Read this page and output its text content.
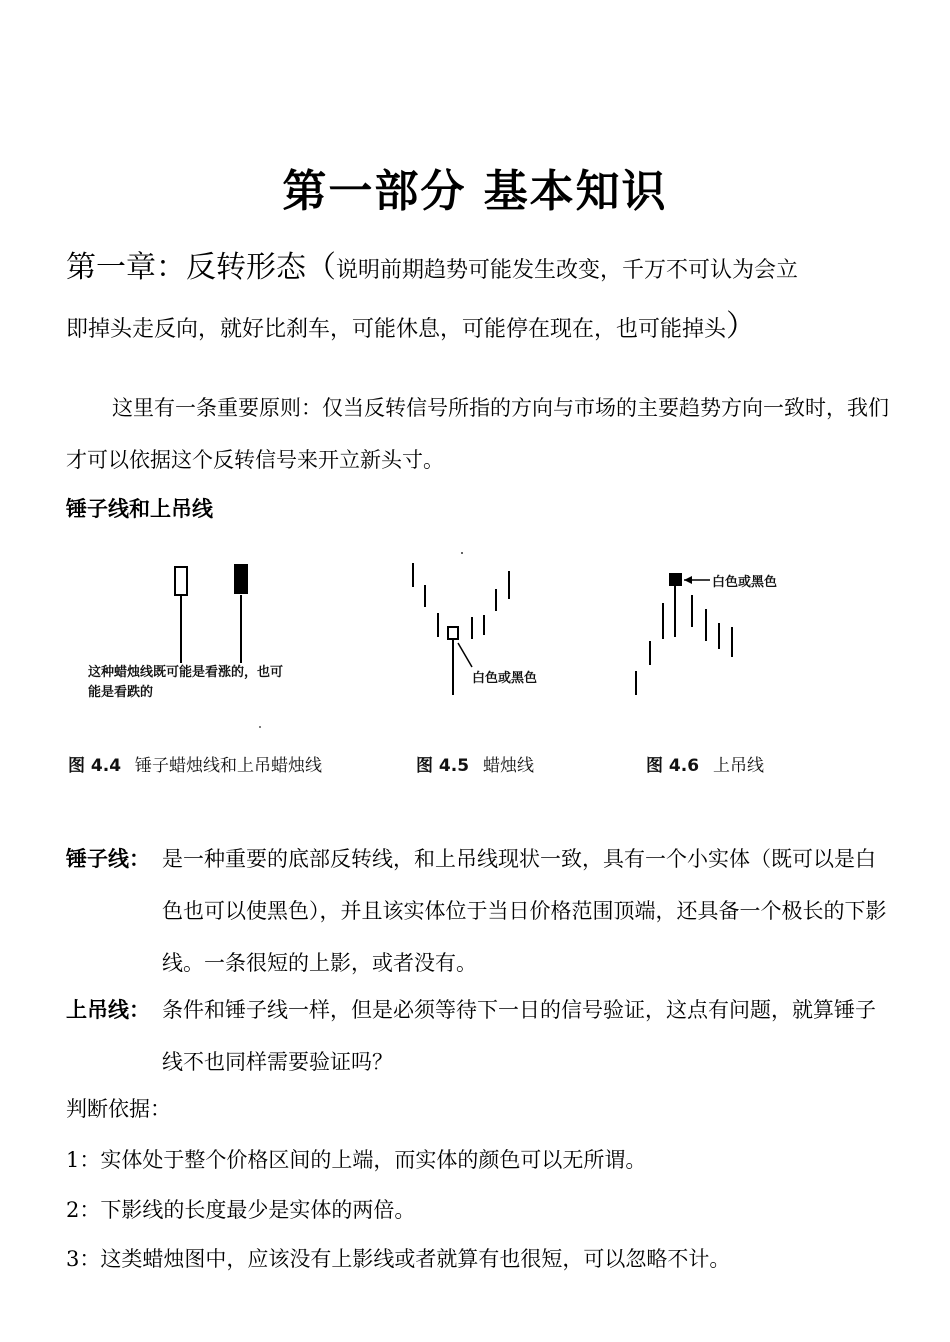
第一部分 基本知识
第一章：反转形态（说明前期趋势可能发生改变，千万不可认为会立
即掉头走反向，就好比刹车，可能休息，可能停在现在，也可能掉头）
这里有一条重要原则：仅当反转信号所指的方向与市场的主要趋势方向一致时，我们才可以依据这个反转信号来开立新头寸。
锤子线和上吊线
这种蜡烛线既可能是看涨的，也可
能是看跌的
白色或黑色
白色或黑色
图 4.4 锤子蜡烛线和上吊蜡烛线	图 4.5 蜡烛线	图 4.6 上吊线
锤子线： 是一种重要的底部反转线，和上吊线现状一致，具有一个小实体（既可以是白色也可以使黑色），并且该实体位于当日价格范围顶端，还具备一个极长的下影线。一条很短的上影，或者没有。
上吊线： 条件和锤子线一样，但是必须等待下一日的信号验证，这点有问题，就算锤子线不也同样需要验证吗？
判断依据：
1：实体处于整个价格区间的上端，而实体的颜色可以无所谓。
2：下影线的长度最少是实体的两倍。
3：这类蜡烛图中，应该没有上影线或者就算有也很短，可以忽略不计。
